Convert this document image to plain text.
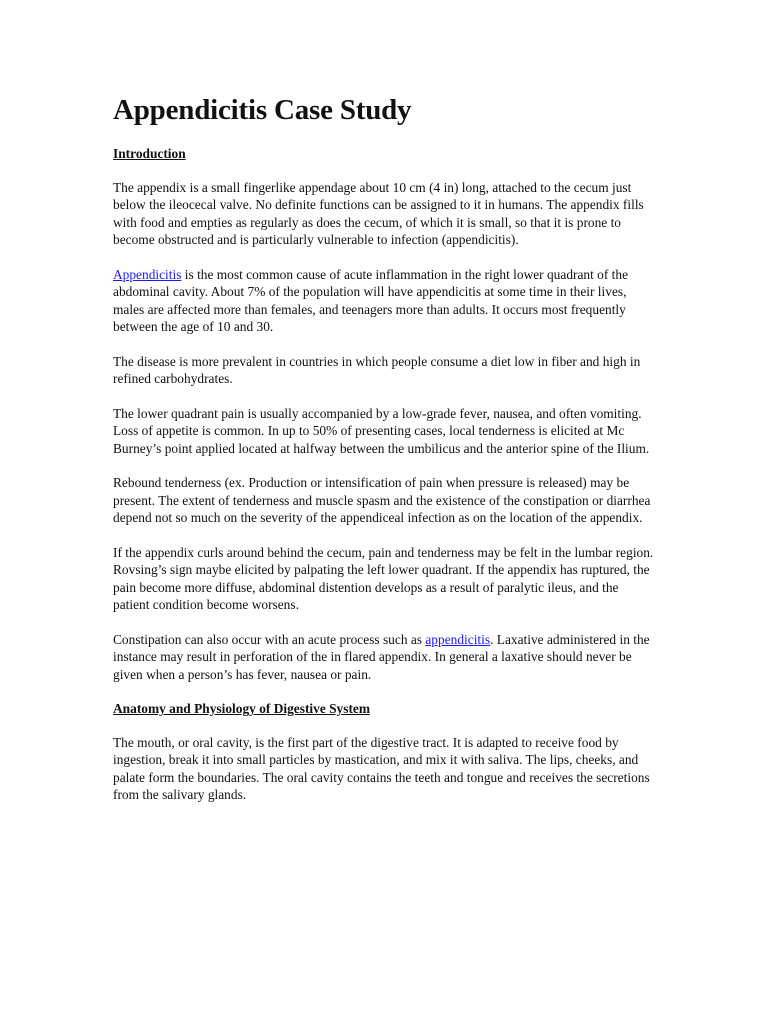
Appendicitis Case Study
Introduction

The appendix is a small fingerlike appendage about 10 cm (4 in) long, attached to the cecum just below the ileocecal valve. No definite functions can be assigned to it in humans. The appendix fills with food and empties as regularly as does the cecum, of which it is small, so that it is prone to become obstructed and is particularly vulnerable to infection (appendicitis).

Appendicitis is the most common cause of acute inflammation in the right lower quadrant of the abdominal cavity. About 7% of the population will have appendicitis at some time in their lives, males are affected more than females, and teenagers more than adults. It occurs most frequently between the age of 10 and 30.

The disease is more prevalent in countries in which people consume a diet low in fiber and high in refined carbohydrates.

The lower quadrant pain is usually accompanied by a low-grade fever, nausea, and often vomiting. Loss of appetite is common. In up to 50% of presenting cases, local tenderness is elicited at Mc Burney’s point applied located at halfway between the umbilicus and the anterior spine of the Ilium.

Rebound tenderness (ex. Production or intensification of pain when pressure is released) may be present. The extent of tenderness and muscle spasm and the existence of the constipation or diarrhea depend not so much on the severity of the appendiceal infection as on the location of the appendix.

If the appendix curls around behind the cecum, pain and tenderness may be felt in the lumbar region. Rovsing’s sign maybe elicited by palpating the left lower quadrant. If the appendix has ruptured, the pain become more diffuse, abdominal distention develops as a result of paralytic ileus, and the patient condition become worsens.

Constipation can also occur with an acute process such as appendicitis. Laxative administered in the instance may result in perforation of the in flared appendix. In general a laxative should never be given when a person’s has fever, nausea or pain.

Anatomy and Physiology of Digestive System

The mouth, or oral cavity, is the first part of the digestive tract. It is adapted to receive food by ingestion, break it into small particles by mastication, and mix it with saliva. The lips, cheeks, and palate form the boundaries. The oral cavity contains the teeth and tongue and receives the secretions from the salivary glands.
